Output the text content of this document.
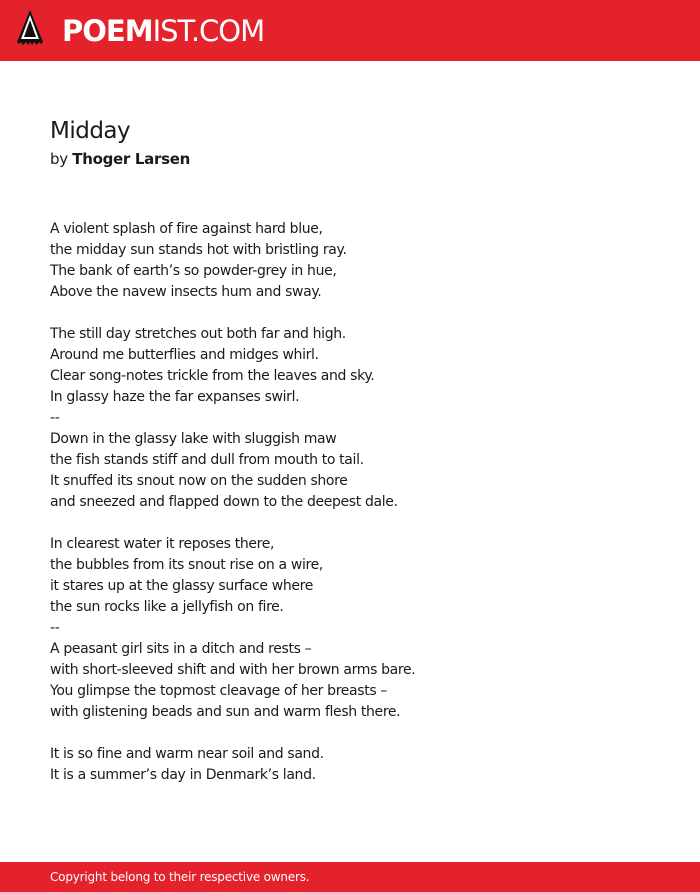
POEMIST.COM
Midday
by Thoger Larsen
A violent splash of fire against hard blue,
the midday sun stands hot with bristling ray.
The bank of earth’s so powder-grey in hue,
Above the navew insects hum and sway.
The still day stretches out both far and high.
Around me butterflies and midges whirl.
Clear song-notes trickle from the leaves and sky.
In glassy haze the far expanses swirl.
--
Down in the glassy lake with sluggish maw
the fish stands stiff and dull from mouth to tail.
It snuffed its snout now on the sudden shore
and sneezed and flapped down to the deepest dale.
In clearest water it reposes there,
the bubbles from its snout rise on a wire,
it stares up at the glassy surface where
the sun rocks like a jellyfish on fire.
--
A peasant girl sits in a ditch and rests –
with short-sleeved shift and with her brown arms bare.
You glimpse the topmost cleavage of her breasts –
with glistening beads and sun and warm flesh there.
It is so fine and warm near soil and sand.
It is a summer’s day in Denmark’s land.
Copyright belong to their respective owners.
